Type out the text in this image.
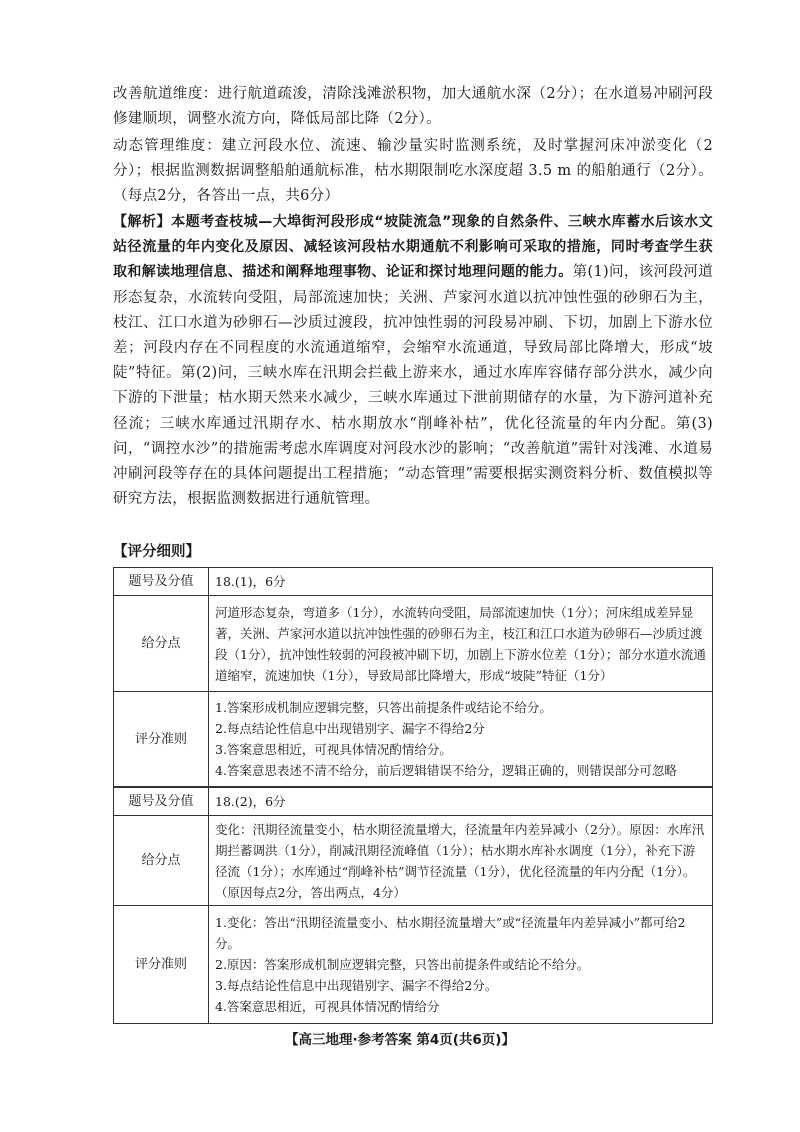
改善航道维度：进行航道疏浚，清除浅滩淤积物，加大通航水深（2分）；在水道易冲刷河段修建顺坝，调整水流方向，降低局部比降（2分）。
动态管理维度：建立河段水位、流速、输沙量实时监测系统，及时掌握河床冲淤变化（2分）；根据监测数据调整船舶通航标准，枯水期限制吃水深度超 3.5 m 的船舶通行（2分）。（每点2分，各答出一点，共6分）
【解析】本题考查枝城—大埠街河段形成“坡陡流急”现象的自然条件、三峡水库蓄水后该水文站径流量的年内变化及原因、减轻该河段枯水期通航不利影响可采取的措施，同时考查学生获取和解读地理信息、描述和阐释地理事物、论证和探讨地理问题的能力。第(1)问，该河段河道形态复杂，水流转向受阻，局部流速加快；关洲、芦家河水道以抗冲蚀性强的砂卵石为主，枝江、江口水道为砂卵石—沙质过渡段，抗冲蚀性弱的河段易冲刷、下切，加剧上下游水位差；河段内存在不同程度的水流通道缩窄，会缩窄水流通道，导致局部比降增大，形成“坡陡”特征。第(2)问，三峡水库在汛期会拦截上游来水，通过水库库容储存部分洪水，减少向下游的下泄量；枯水期天然来水减少，三峡水库通过下泄前期储存的水量，为下游河道补充径流；三峡水库通过汛期存水、枯水期放水“削峰补枯”，优化径流量的年内分配。第(3)问，“调控水沙”的措施需考虑水库调度对河段水沙的影响；“改善航道”需针对浅滩、水道易冲刷河段等存在的具体问题提出工程措施；“动态管理”需要根据实测资料分析、数值模拟等研究方法，根据监测数据进行通航管理。
【评分细则】
题号及分值	18.(1)，6分
给分点	河道形态复杂，弯道多（1分），水流转向受阻，局部流速加快（1分）；河床组成差异显著，关洲、芦家河水道以抗冲蚀性强的砂卵石为主，枝江和江口水道为砂卵石—沙质过渡段（1分），抗冲蚀性较弱的河段被冲刷下切，加剧上下游水位差（1分）；部分水道水流通道缩窄，流速加快（1分），导致局部比降增大，形成“坡陡”特征（1分）
评分准则	1.答案形成机制应逻辑完整，只答出前提条件或结论不给分。
2.每点结论性信息中出现错别字、漏字不得给2分
3.答案意思相近，可视具体情况酌情给分。
4.答案意思表述不清不给分，前后逻辑错误不给分，逻辑正确的，则错误部分可忽略
题号及分值	18.(2)，6分
给分点	变化：汛期径流量变小，枯水期径流量增大，径流量年内差异减小（2分）。原因：水库汛期拦蓄调洪（1分），削减汛期径流峰值（1分）；枯水期水库补水调度（1分），补充下游径流（1分）；水库通过“削峰补枯”调节径流量（1分），优化径流量的年内分配（1分）。（原因每点2分，答出两点，4分）
评分准则	1.变化：答出“汛期径流量变小、枯水期径流量增大”或“径流量年内差异减小”都可给2分。
2.原因：答案形成机制应逻辑完整，只答出前提条件或结论不给分。
3.每点结论性信息中出现错别字、漏字不得给2分。
4.答案意思相近，可视具体情况酌情给分
【高三地理·参考答案 第4页(共6页)】
